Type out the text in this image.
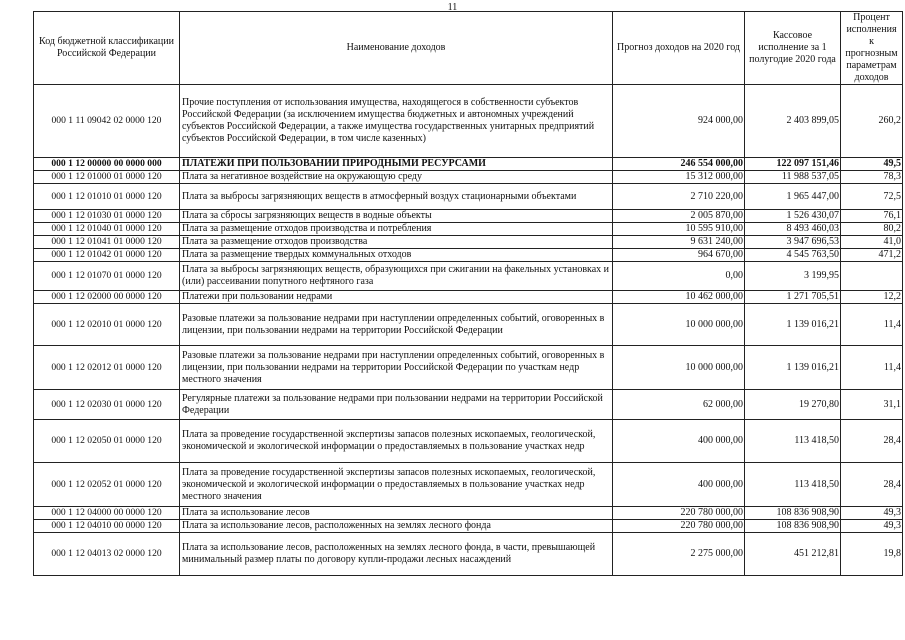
11
Код бюджетной классификации Российской Федерации	Наименование доходов	Прогноз доходов на 2020 год	Кассовое исполнение за 1 полугодие 2020 года	Процент исполнения к прогнозным параметрам доходов
000 1 11 09042 02 0000 120	Прочие поступления от использования имущества, находящегося в собственности субъектов Российской Федерации (за исключением имущества бюджетных и автономных учреждений субъектов Российской Федерации, а также имущества государственных унитарных предприятий субъектов Российской Федерации, в том числе казенных)	924 000,00	2 403 899,05	260,2
000 1 12 00000 00 0000 000	ПЛАТЕЖИ ПРИ ПОЛЬЗОВАНИИ ПРИРОДНЫМИ РЕСУРСАМИ	246 554 000,00	122 097 151,46	49,5
000 1 12 01000 01 0000 120	Плата за негативное воздействие на окружающую среду	15 312 000,00	11 988 537,05	78,3
000 1 12 01010 01 0000 120	Плата за выбросы загрязняющих веществ в атмосферный воздух стационарными объектами	2 710 220,00	1 965 447,00	72,5
000 1 12 01030 01 0000 120	Плата за сбросы загрязняющих веществ в водные объекты	2 005 870,00	1 526 430,07	76,1
000 1 12 01040 01 0000 120	Плата за размещение отходов производства и потребления	10 595 910,00	8 493 460,03	80,2
000 1 12 01041 01 0000 120	Плата за размещение отходов производства	9 631 240,00	3 947 696,53	41,0
000 1 12 01042 01 0000 120	Плата за размещение твердых коммунальных отходов	964 670,00	4 545 763,50	471,2
000 1 12 01070 01 0000 120	Плата за выбросы загрязняющих веществ, образующихся при сжигании на факельных установках и (или) рассеивании попутного нефтяного газа	0,00	3 199,95	
000 1 12 02000 00 0000 120	Платежи при пользовании недрами	10 462 000,00	1 271 705,51	12,2
000 1 12 02010 01 0000 120	Разовые платежи за пользование недрами при наступлении определенных событий, оговоренных в лицензии, при пользовании недрами на территории Российской Федерации	10 000 000,00	1 139 016,21	11,4
000 1 12 02012 01 0000 120	Разовые платежи за пользование недрами при наступлении определенных событий, оговоренных в лицензии, при пользовании недрами на территории Российской Федерации по участкам недр местного значения	10 000 000,00	1 139 016,21	11,4
000 1 12 02030 01 0000 120	Регулярные платежи за пользование недрами при пользовании недрами на территории Российской Федерации	62 000,00	19 270,80	31,1
000 1 12 02050 01 0000 120	Плата за проведение государственной экспертизы запасов полезных ископаемых, геологической, экономической и экологической информации о предоставляемых в пользование участках недр	400 000,00	113 418,50	28,4
000 1 12 02052 01 0000 120	Плата за проведение государственной экспертизы запасов полезных ископаемых, геологической, экономической и экологической информации о предоставляемых в пользование участках недр местного значения	400 000,00	113 418,50	28,4
000 1 12 04000 00 0000 120	Плата за использование лесов	220 780 000,00	108 836 908,90	49,3
000 1 12 04010 00 0000 120	Плата за использование лесов, расположенных на землях лесного фонда	220 780 000,00	108 836 908,90	49,3
000 1 12 04013 02 0000 120	Плата за использование лесов, расположенных на землях лесного фонда, в части, превышающей минимальный размер платы по договору купли-продажи лесных насаждений	2 275 000,00	451 212,81	19,8
